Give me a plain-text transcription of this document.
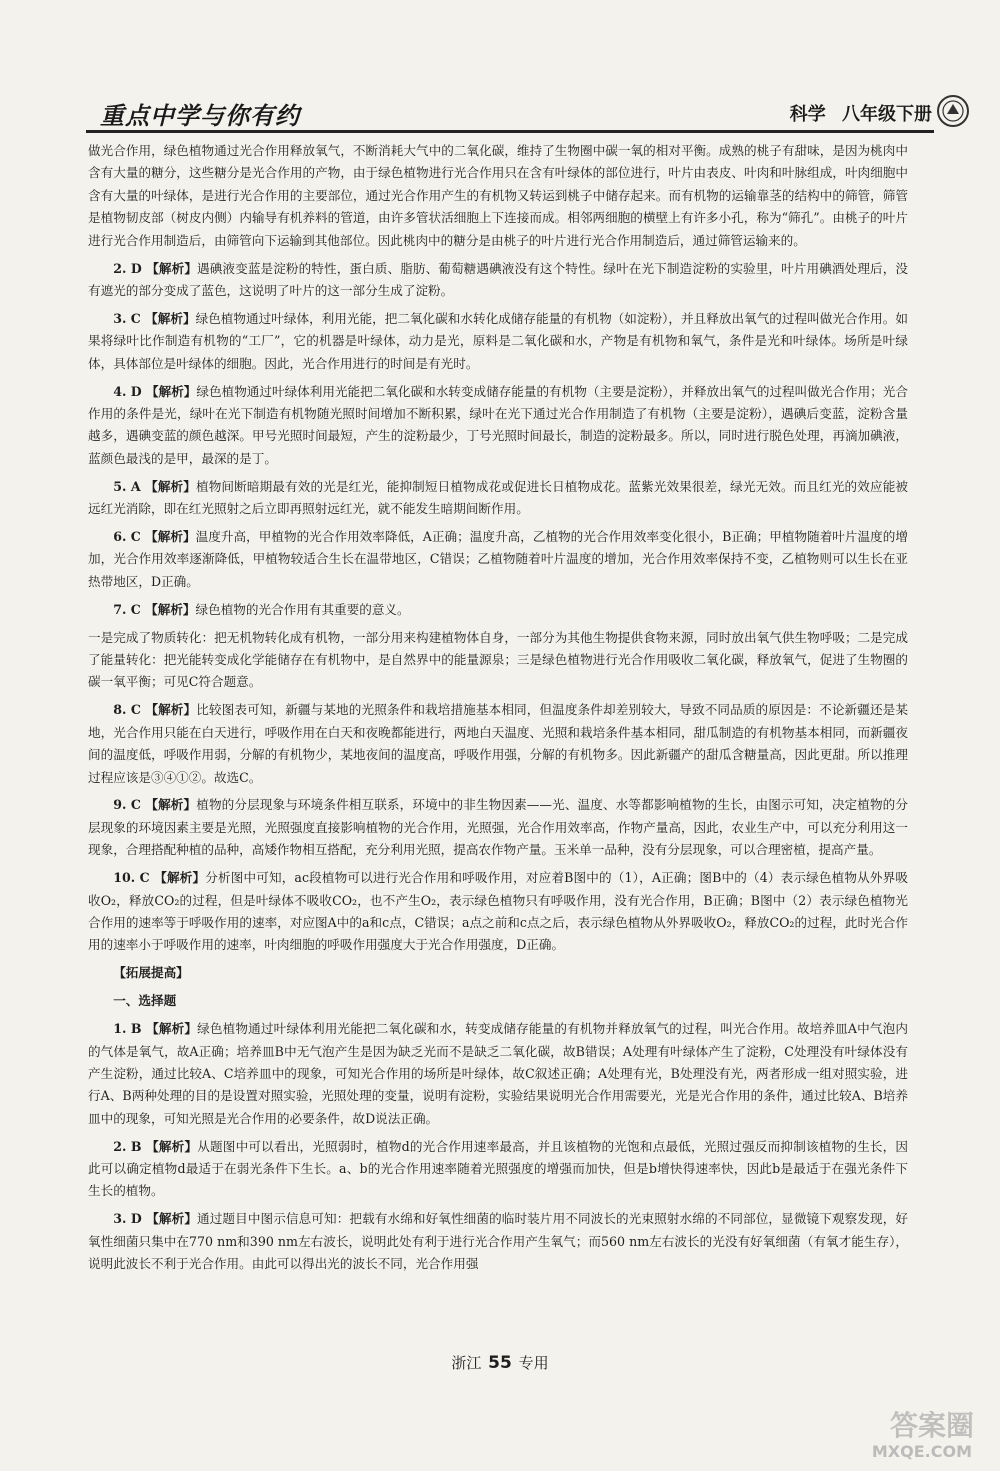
重点中学与你有约	科学 八年级下册

做光合作用，绿色植物通过光合作用释放氧气，不断消耗大气中的二氧化碳，维持了生物圈中碳一氧的相对平衡。成熟的桃子有甜味，是因为桃肉中含有大量的糖分，这些糖分是光合作用的产物，由于绿色植物进行光合作用只在含有叶绿体的部位进行，叶片由表皮、叶肉和叶脉组成，叶肉细胞中含有大量的叶绿体，是进行光合作用的主要部位，通过光合作用产生的有机物又转运到桃子中储存起来。而有机物的运输靠茎的结构中的筛管，筛管是植物韧皮部（树皮内侧）内输导有机养料的管道，由许多管状活细胞上下连接而成。相邻两细胞的横壁上有许多小孔，称为“筛孔”。由桃子的叶片进行光合作用制造后，由筛管向下运输到其他部位。因此桃肉中的糖分是由桃子的叶片进行光合作用制造后，通过筛管运输来的。

2. D 【解析】遇碘液变蓝是淀粉的特性，蛋白质、脂肪、葡萄糖遇碘液没有这个特性。绿叶在光下制造淀粉的实验里，叶片用碘酒处理后，没有遮光的部分变成了蓝色，这说明了叶片的这一部分生成了淀粉。

3. C 【解析】绿色植物通过叶绿体，利用光能，把二氧化碳和水转化成储存能量的有机物（如淀粉），并且释放出氧气的过程叫做光合作用。如果将绿叶比作制造有机物的“工厂”，它的机器是叶绿体，动力是光，原料是二氧化碳和水，产物是有机物和氧气，条件是光和叶绿体。场所是叶绿体，具体部位是叶绿体的细胞。因此，光合作用进行的时间是有光时。

4. D 【解析】绿色植物通过叶绿体利用光能把二氧化碳和水转变成储存能量的有机物（主要是淀粉），并释放出氧气的过程叫做光合作用；光合作用的条件是光，绿叶在光下制造有机物随光照时间增加不断积累，绿叶在光下通过光合作用制造了有机物（主要是淀粉），遇碘后变蓝，淀粉含量越多，遇碘变蓝的颜色越深。甲号光照时间最短，产生的淀粉最少，丁号光照时间最长，制造的淀粉最多。所以，同时进行脱色处理，再滴加碘液，蓝颜色最浅的是甲，最深的是丁。

5. A 【解析】植物间断暗期最有效的光是红光，能抑制短日植物成花或促进长日植物成花。蓝紫光效果很差，绿光无效。而且红光的效应能被远红光消除，即在红光照射之后立即再照射远红光，就不能发生暗期间断作用。

6. C 【解析】温度升高，甲植物的光合作用效率降低，A正确；温度升高，乙植物的光合作用效率变化很小，B正确；甲植物随着叶片温度的增加，光合作用效率逐渐降低，甲植物较适合生长在温带地区，C错误；乙植物随着叶片温度的增加，光合作用效率保持不变，乙植物则可以生长在亚热带地区，D正确。

7. C 【解析】绿色植物的光合作用有其重要的意义。

一是完成了物质转化：把无机物转化成有机物，一部分用来构建植物体自身，一部分为其他生物提供食物来源，同时放出氧气供生物呼吸；二是完成了能量转化：把光能转变成化学能储存在有机物中，是自然界中的能量源泉；三是绿色植物进行光合作用吸收二氧化碳，释放氧气，促进了生物圈的碳一氧平衡；可见C符合题意。

8. C 【解析】比较图表可知，新疆与某地的光照条件和栽培措施基本相同，但温度条件却差别较大，导致不同品质的原因是：不论新疆还是某地，光合作用只能在白天进行，呼吸作用在白天和夜晚都能进行，两地白天温度、光照和栽培条件基本相同，甜瓜制造的有机物基本相同，而新疆夜间的温度低，呼吸作用弱，分解的有机物少，某地夜间的温度高，呼吸作用强，分解的有机物多。因此新疆产的甜瓜含糖量高，因此更甜。所以推理过程应该是③④①②。故选C。

9. C 【解析】植物的分层现象与环境条件相互联系，环境中的非生物因素——光、温度、水等都影响植物的生长，由图示可知，决定植物的分层现象的环境因素主要是光照，光照强度直接影响植物的光合作用，光照强，光合作用效率高，作物产量高，因此，农业生产中，可以充分利用这一现象，合理搭配种植的品种，高矮作物相互搭配，充分利用光照，提高农作物产量。玉米单一品种，没有分层现象，可以合理密植，提高产量。

10. C 【解析】分析图中可知，ac段植物可以进行光合作用和呼吸作用，对应着B图中的（1），A正确；图B中的（4）表示绿色植物从外界吸收O₂，释放CO₂的过程，但是叶绿体不吸收CO₂，也不产生O₂，表示绿色植物只有呼吸作用，没有光合作用，B正确；B图中（2）表示绿色植物光合作用的速率等于呼吸作用的速率，对应图A中的a和c点，C错误；a点之前和c点之后，表示绿色植物从外界吸收O₂，释放CO₂的过程，此时光合作用的速率小于呼吸作用的速率，叶肉细胞的呼吸作用强度大于光合作用强度，D正确。

【拓展提高】

一、选择题

1. B 【解析】绿色植物通过叶绿体利用光能把二氧化碳和水，转变成储存能量的有机物并释放氧气的过程，叫光合作用。故培养皿A中气泡内的气体是氧气，故A正确；培养皿B中无气泡产生是因为缺乏光而不是缺乏二氧化碳，故B错误；A处理有叶绿体产生了淀粉，C处理没有叶绿体没有产生淀粉，通过比较A、C培养皿中的现象，可知光合作用的场所是叶绿体，故C叙述正确；A处理有光，B处理没有光，两者形成一组对照实验，进行A、B两种处理的目的是设置对照实验，光照处理的变量，说明有淀粉，实验结果说明光合作用需要光，光是光合作用的条件，通过比较A、B培养皿中的现象，可知光照是光合作用的必要条件，故D说法正确。

2. B 【解析】从题图中可以看出，光照弱时，植物d的光合作用速率最高，并且该植物的光饱和点最低，光照过强反而抑制该植物的生长，因此可以确定植物d最适于在弱光条件下生长。a、b的光合作用速率随着光照强度的增强而加快，但是b增快得速率快，因此b是最适于在强光条件下生长的植物。

3. D 【解析】通过题目中图示信息可知：把载有水绵和好氧性细菌的临时装片用不同波长的光束照射水绵的不同部位，显微镜下观察发现，好氧性细菌只集中在770 nm和390 nm左右波长，说明此处有利于进行光合作用产生氧气；而560 nm左右波长的光没有好氧细菌（有氧才能生存），说明此波长不利于光合作用。由此可以得出光的波长不同，光合作用强

浙江 55 专用
答案圈
MXQE.COM
